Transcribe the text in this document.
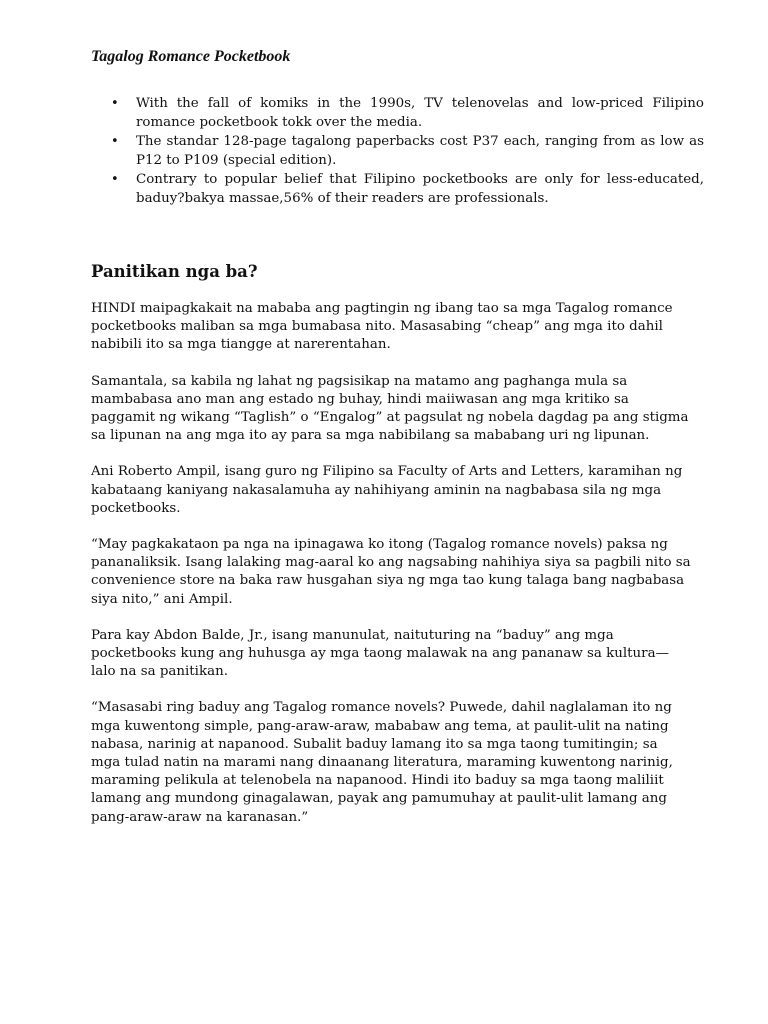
Tagalog Romance Pocketbook
• With the fall of komiks in the 1990s, TV telenovelas and low-priced Filipino romance pocketbook tokk over the media.
• The standar 128-page tagalong paperbacks cost P37 each, ranging from as low as P12 to P109 (special edition).
• Contrary to popular belief that Filipino pocketbooks are only for less-educated, baduy?bakya massae,56% of their readers are professionals.
Panitikan nga ba?

HINDI maipagkakait na mababa ang pagtingin ng ibang tao sa mga Tagalog romance pocketbooks maliban sa mga bumabasa nito. Masasabing “cheap” ang mga ito dahil nabibili ito sa mga tiangge at narerentahan.

Samantala, sa kabila ng lahat ng pagsisikap na matamo ang paghanga mula sa mambabasa ano man ang estado ng buhay, hindi maiiwasan ang mga kritiko sa paggamit ng wikang “Taglish” o “Engalog” at pagsulat ng nobela dagdag pa ang stigma sa lipunan na ang mga ito ay para sa mga nabibilang sa mababang uri ng lipunan.

Ani Roberto Ampil, isang guro ng Filipino sa Faculty of Arts and Letters, karamihan ng kabataang kaniyang nakasalamuha ay nahihiyang aminin na nagbabasa sila ng mga pocketbooks.

“May pagkakataon pa nga na ipinagawa ko itong (Tagalog romance novels) paksa ng pananaliksik. Isang lalaking mag-aaral ko ang nagsabing nahihiya siya sa pagbili nito sa convenience store na baka raw husgahan siya ng mga tao kung talaga bang nagbabasa siya nito,” ani Ampil.

Para kay Abdon Balde, Jr., isang manunulat, naituturing na “baduy” ang mga pocketbooks kung ang huhusga ay mga taong malawak na ang pananaw sa kultura—lalo na sa panitikan.

“Masasabi ring baduy ang Tagalog romance novels? Puwede, dahil naglalaman ito ng mga kuwentong simple, pang-araw-araw, mababaw ang tema, at paulit-ulit na nating nabasa, narinig at napanood. Subalit baduy lamang ito sa mga taong tumitingin; sa mga tulad natin na marami nang dinaanang literatura, maraming kuwentong narinig, maraming pelikula at telenobela na napanood. Hindi ito baduy sa mga taong maliliit lamang ang mundong ginagalawan, payak ang pamumuhay at paulit-ulit lamang ang pang-araw-araw na karanasan.”
